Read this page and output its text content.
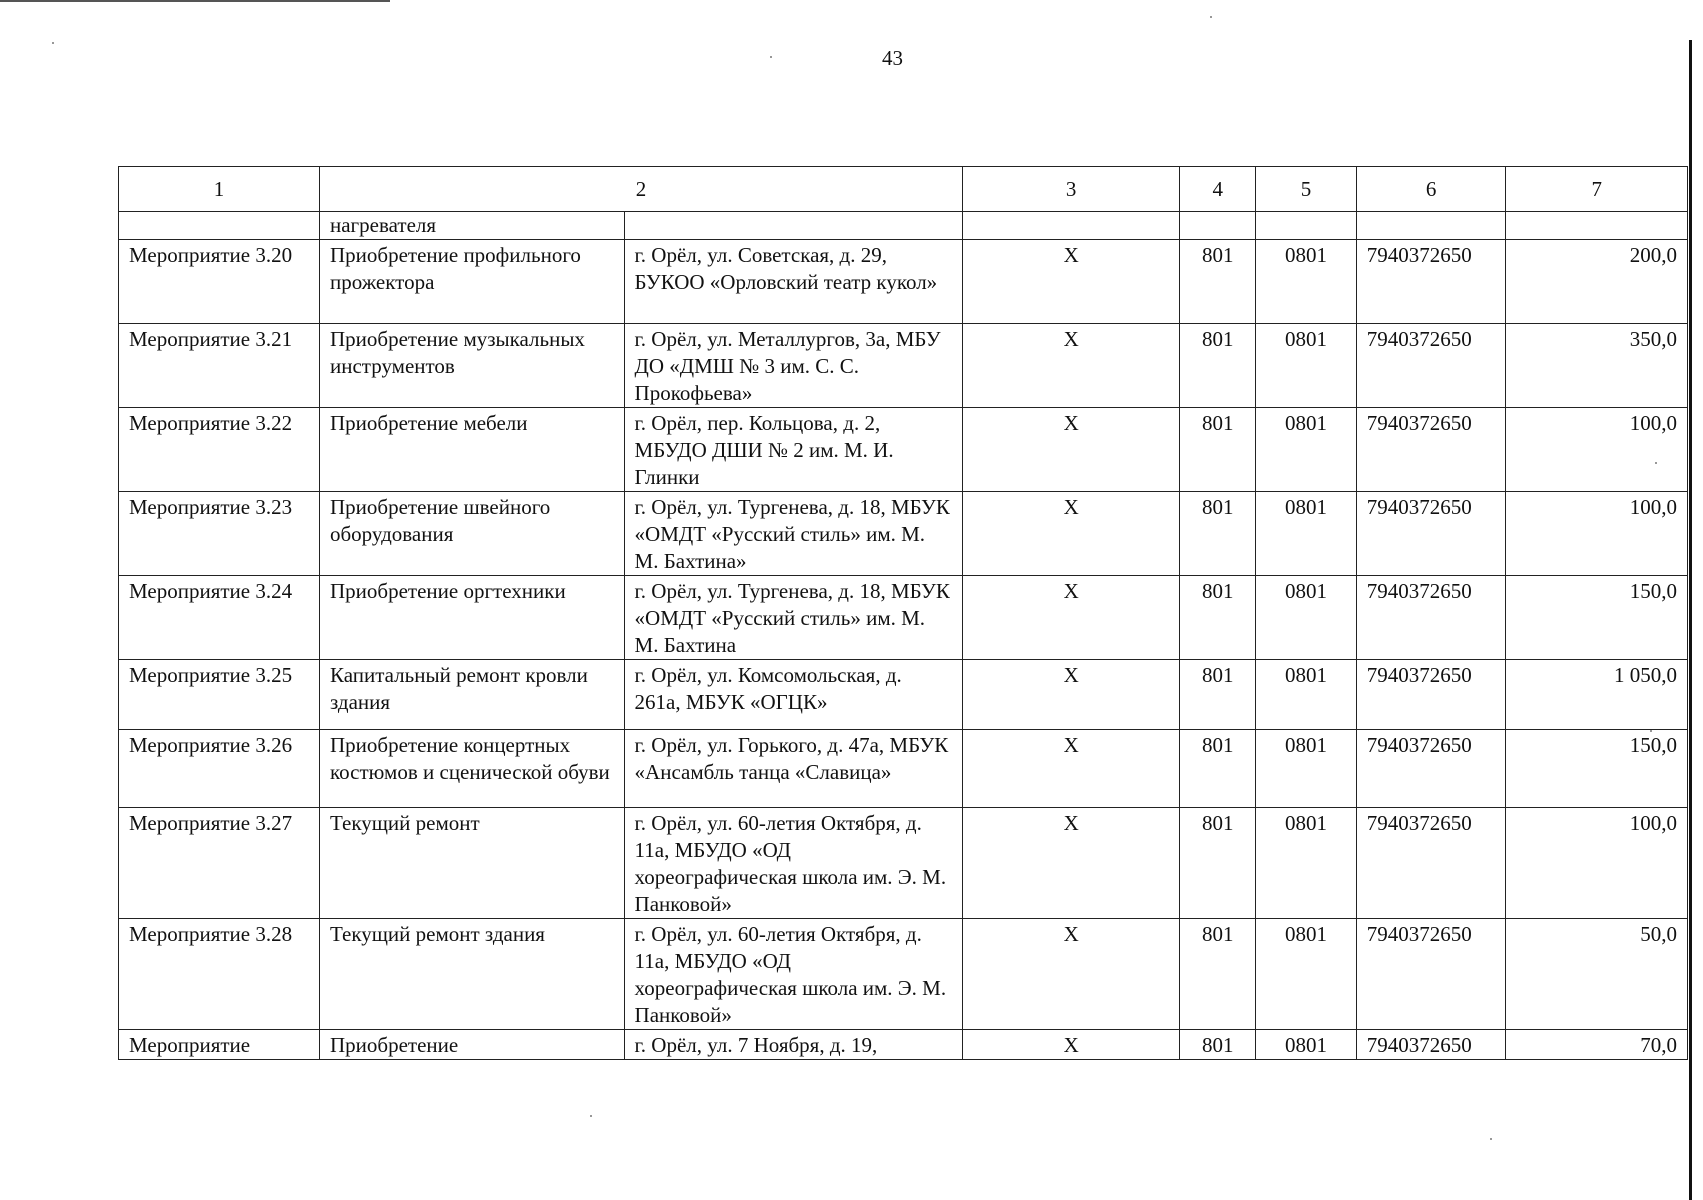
43
1	2		3	4	5	6	7
	нагревателя						
Мероприятие 3.20	Приобретение профильного прожектора	г. Орёл, ул. Советская, д. 29, БУКОО «Орловский театр кукол»	Х	801	0801	7940372650	200,0
Мероприятие 3.21	Приобретение музыкальных инструментов	г. Орёл, ул. Металлургов, 3а, МБУ ДО «ДМШ № 3 им. С. С. Прокофьева»	Х	801	0801	7940372650	350,0
Мероприятие 3.22	Приобретение мебели	г. Орёл, пер. Кольцова, д. 2, МБУДО ДШИ № 2 им. М. И. Глинки	Х	801	0801	7940372650	100,0
Мероприятие 3.23	Приобретение швейного оборудования	г. Орёл, ул. Тургенева, д. 18, МБУК «ОМДТ «Русский стиль» им. М. М. Бахтина»	Х	801	0801	7940372650	100,0
Мероприятие 3.24	Приобретение оргтехники	г. Орёл, ул. Тургенева, д. 18, МБУК «ОМДТ «Русский стиль» им. М. М. Бахтина	Х	801	0801	7940372650	150,0
Мероприятие 3.25	Капитальный ремонт кровли здания	г. Орёл, ул. Комсомольская, д. 261а, МБУК «ОГЦК»	Х	801	0801	7940372650	1 050,0
Мероприятие 3.26	Приобретение концертных костюмов и сценической обуви	г. Орёл, ул. Горького, д. 47а, МБУК «Ансамбль танца «Славица»	Х	801	0801	7940372650	150,0
Мероприятие 3.27	Текущий ремонт	г. Орёл, ул. 60-летия Октября, д. 11а, МБУДО «ОД хореографическая школа им. Э. М. Панковой»	Х	801	0801	7940372650	100,0
Мероприятие 3.28	Текущий ремонт здания	г. Орёл, ул. 60-летия Октября, д. 11а, МБУДО «ОД хореографическая школа им. Э. М. Панковой»	Х	801	0801	7940372650	50,0
Мероприятие	Приобретение	г. Орёл, ул. 7 Ноября, д. 19,	Х	801	0801	7940372650	70,0
